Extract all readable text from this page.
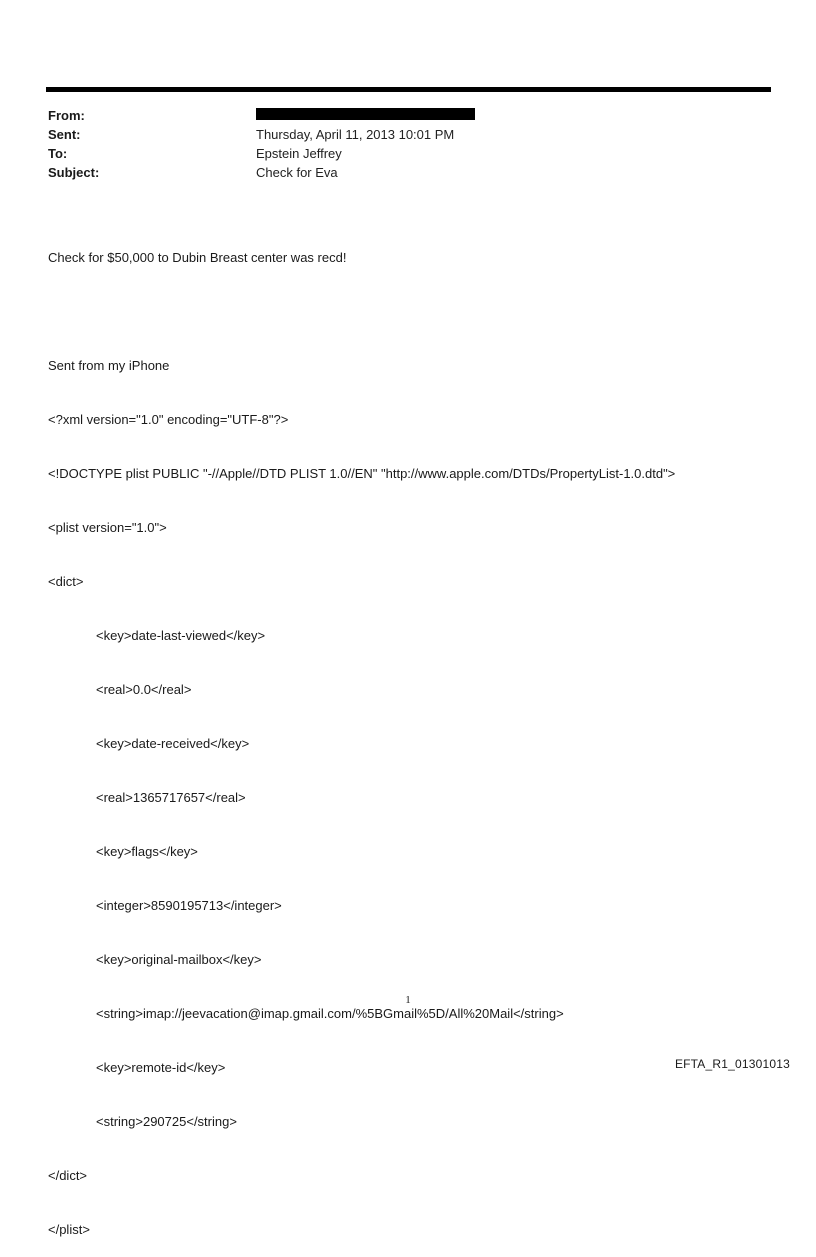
From:
Sent:	Thursday, April 11, 2013 10:01 PM
To:	Epstein Jeffrey
Subject:	Check for Eva

Check for $50,000 to Dubin Breast center was recd!

Sent from my iPhone

<?xml version="1.0" encoding="UTF-8"?>

<!DOCTYPE plist PUBLIC "-//Apple//DTD PLIST 1.0//EN" "http://www.apple.com/DTDs/PropertyList-1.0.dtd">

<plist version="1.0">

<dict>

<key>date-last-viewed</key>

<real>0.0</real>

<key>date-received</key>

<real>1365717657</real>

<key>flags</key>

<integer>8590195713</integer>

<key>original-mailbox</key>

<string>imap://jeevacation@imap.gmail.com/%5BGmail%5D/All%20Mail</string>

<key>remote-id</key>

<string>290725</string>

</dict>

</plist>

1
EFTA_R1_01301013
